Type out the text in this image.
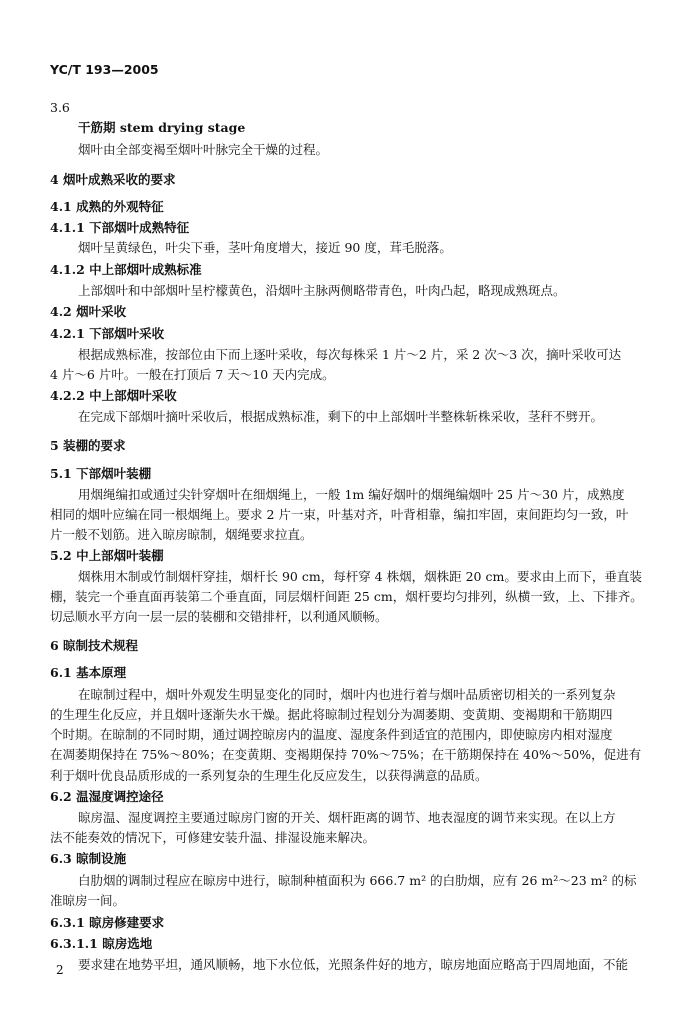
YC/T 193—2005
3.6
干筋期 stem drying stage
烟叶由全部变褐至烟叶叶脉完全干燥的过程。
4 烟叶成熟采收的要求
4.1 成熟的外观特征
4.1.1 下部烟叶成熟特征
烟叶呈黄绿色，叶尖下垂，茎叶角度增大，接近 90 度，茸毛脱落。
4.1.2 中上部烟叶成熟标准
上部烟叶和中部烟叶呈柠檬黄色，沿烟叶主脉两侧略带青色，叶肉凸起，略现成熟斑点。
4.2 烟叶采收
4.2.1 下部烟叶采收
根据成熟标准，按部位由下而上逐叶采收，每次每株采 1 片～2 片，采 2 次～3 次，摘叶采收可达
4 片～6 片叶。一般在打顶后 7 天～10 天内完成。
4.2.2 中上部烟叶采收
在完成下部烟叶摘叶采收后，根据成熟标准，剩下的中上部烟叶半整株斩株采收，茎秆不劈开。
5 装棚的要求
5.1 下部烟叶装棚
用烟绳编扣或通过尖针穿烟叶在细烟绳上，一般 1m 编好烟叶的烟绳编烟叶 25 片～30 片，成熟度
相同的烟叶应编在同一根烟绳上。要求 2 片一束，叶基对齐，叶背相靠，编扣牢固，束间距均匀一致，叶
片一般不划筋。进入晾房晾制，烟绳要求拉直。
5.2 中上部烟叶装棚
烟株用木制或竹制烟杆穿挂，烟杆长 90 cm，每杆穿 4 株烟，烟株距 20 cm。要求由上而下，垂直装
棚，装完一个垂直面再装第二个垂直面，同层烟杆间距 25 cm，烟杆要均匀排列，纵横一致，上、下排齐。
切忌顺水平方向一层一层的装棚和交错排杆，以利通风顺畅。
6 晾制技术规程
6.1 基本原理
在晾制过程中，烟叶外观发生明显变化的同时，烟叶内也进行着与烟叶品质密切相关的一系列复杂
的生理生化反应，并且烟叶逐渐失水干燥。据此将晾制过程划分为凋萎期、变黄期、变褐期和干筋期四
个时期。在晾制的不同时期，通过调控晾房内的温度、湿度条件到适宜的范围内，即使晾房内相对湿度
在凋萎期保持在 75%～80%；在变黄期、变褐期保持 70%～75%；在干筋期保持在 40%～50%，促进有
利于烟叶优良品质形成的一系列复杂的生理生化反应发生，以获得满意的品质。
6.2 温湿度调控途径
晾房温、湿度调控主要通过晾房门窗的开关、烟杆距离的调节、地表湿度的调节来实现。在以上方
法不能奏效的情况下，可修建安装升温、排湿设施来解决。
6.3 晾制设施
白肋烟的调制过程应在晾房中进行，晾制种植面积为 666.7 m² 的白肋烟，应有 26 m²～23 m² 的标
准晾房一间。
6.3.1 晾房修建要求
6.3.1.1 晾房选地
要求建在地势平坦，通风顺畅，地下水位低，光照条件好的地方，晾房地面应略高于四周地面，不能
2
